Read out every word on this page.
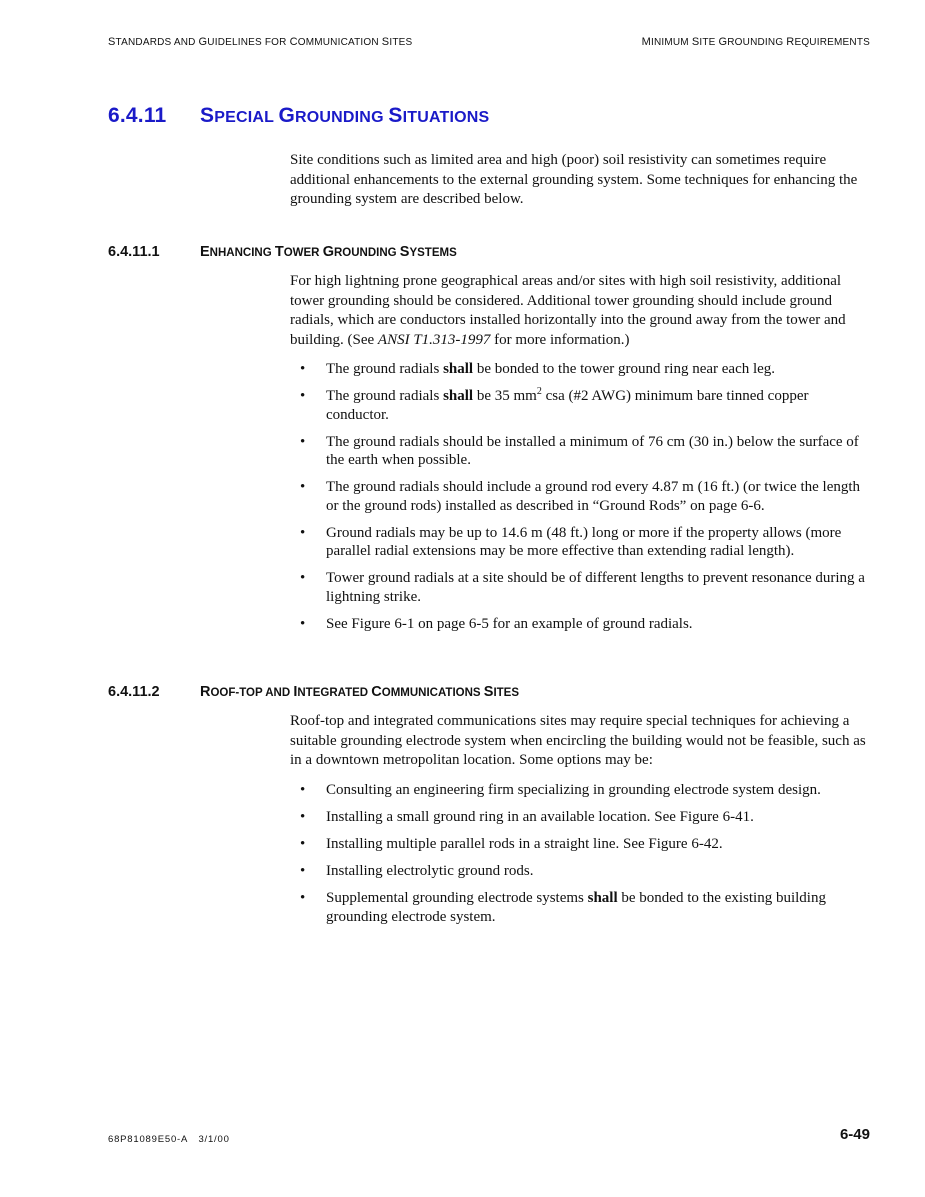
STANDARDS AND GUIDELINES FOR COMMUNICATION SITES	MINIMUM SITE GROUNDING REQUIREMENTS
6.4.11 SPECIAL GROUNDING SITUATIONS

Site conditions such as limited area and high (poor) soil resistivity can sometimes require additional enhancements to the external grounding system. Some techniques for enhancing the grounding system are described below.

6.4.11.1	ENHANCING TOWER GROUNDING SYSTEMS

For high lightning prone geographical areas and/or sites with high soil resistivity, additional tower grounding should be considered. Additional tower grounding should include ground radials, which are conductors installed horizontally into the ground away from the tower and building. (See ANSI T1.313-1997 for more information.)

• The ground radials shall be bonded to the tower ground ring near each leg.
• The ground radials shall be 35 $mm^2$ csa (#2 AWG) minimum bare tinned copper conductor.
• The ground radials should be installed a minimum of 76 cm (30 in.) below the surface of the earth when possible.
• The ground radials should include a ground rod every 4.87 m (16 ft.) (or twice the length or the ground rods) installed as described in “Ground Rods” on page 6-6.
• Ground radials may be up to 14.6 m (48 ft.) long or more if the property allows (more parallel radial extensions may be more effective than extending radial length).
• Tower ground radials at a site should be of different lengths to prevent resonance during a lightning strike.
• See Figure 6-1 on page 6-5 for an example of ground radials.
6.4.11.2	ROOF-TOP AND INTEGRATED COMMUNICATIONS SITES

Roof-top and integrated communications sites may require special techniques for achieving a suitable grounding electrode system when encircling the building would not be feasible, such as in a downtown metropolitan location. Some options may be:

• Consulting an engineering firm specializing in grounding electrode system design.
• Installing a small ground ring in an available location. See Figure 6-41.
• Installing multiple parallel rods in a straight line. See Figure 6-42.
• Installing electrolytic ground rods.
• Supplemental grounding electrode systems shall be bonded to the existing building grounding electrode system.
68P81089E50-A 3/1/00	6-49
